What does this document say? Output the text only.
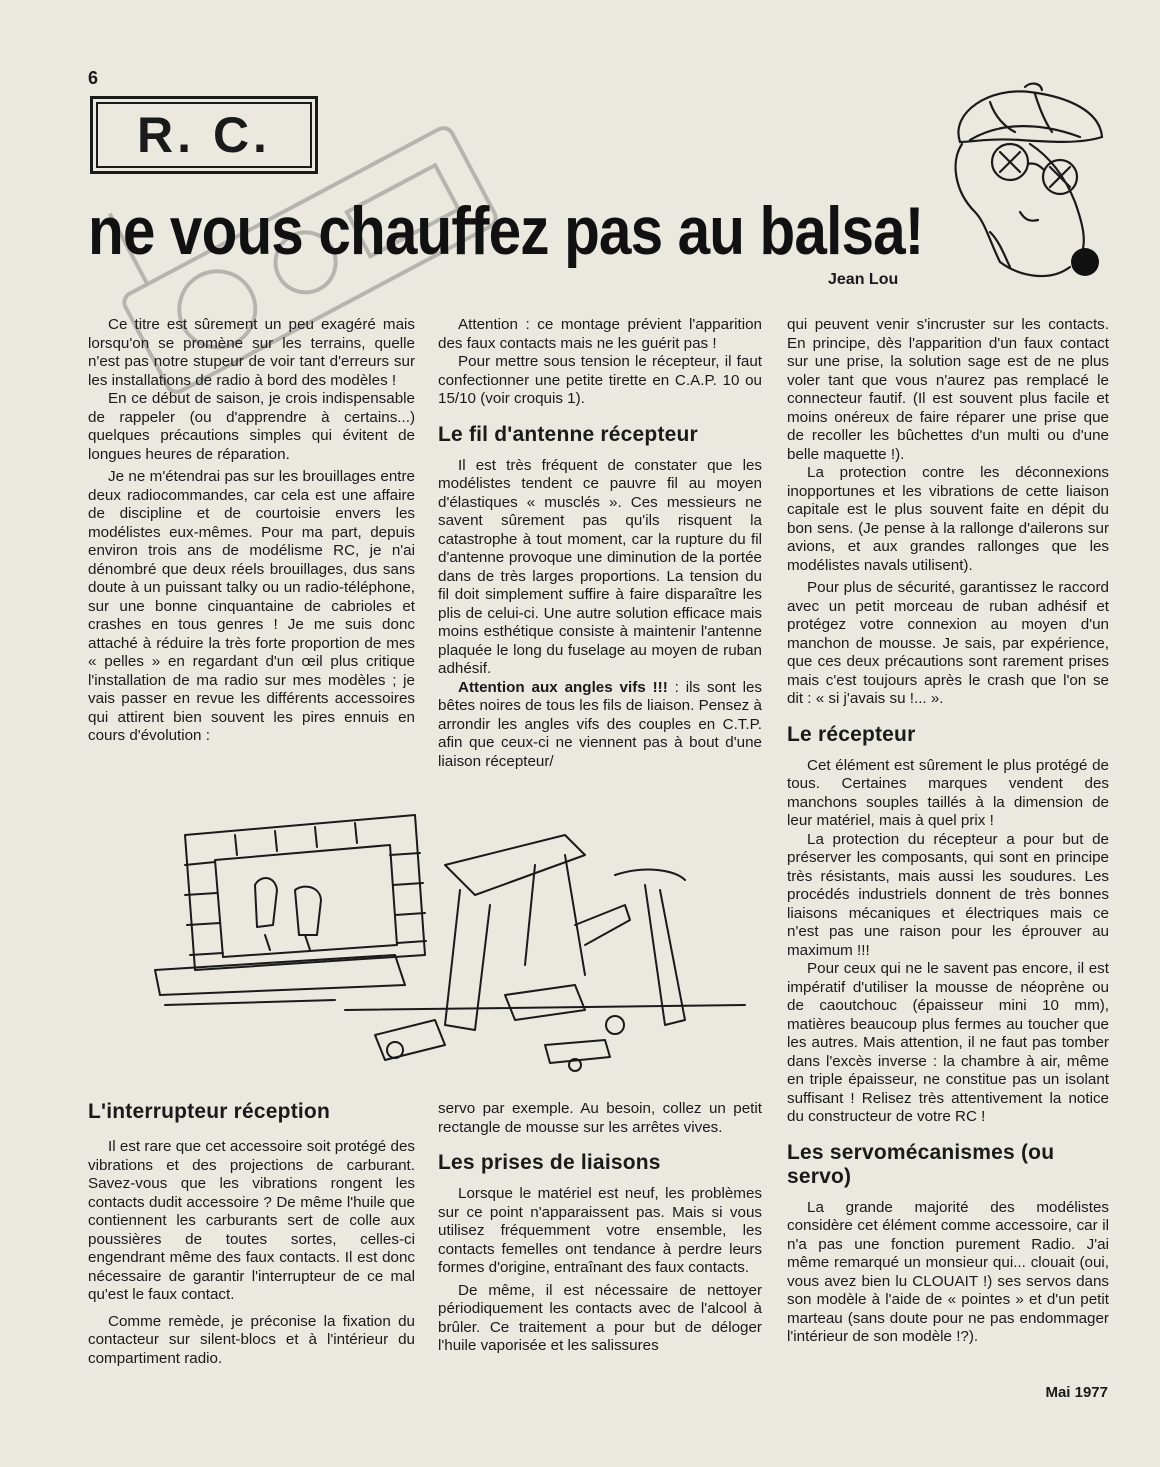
6
R. C.
ne vous chauffez pas au balsa!
Jean Lou

Ce titre est sûrement un peu exagéré mais lorsqu'on se promène sur les terrains, quelle n'est pas notre stupeur de voir tant d'erreurs sur les installations de radio à bord des modèles !

En ce début de saison, je crois indispensable de rappeler (ou d'apprendre à certains...) quelques précautions simples qui évitent de longues heures de réparation.

Je ne m'étendrai pas sur les brouillages entre deux radiocommandes, car cela est une affaire de discipline et de courtoisie envers les modélistes eux-mêmes. Pour ma part, depuis environ trois ans de modélisme RC, je n'ai dénombré que deux réels brouillages, dus sans doute à un puissant talky ou un radio-téléphone, sur une bonne cinquantaine de cabrioles et crashes en tous genres ! Je me suis donc attaché à réduire la très forte proportion de mes « pelles » en regardant d'un œil plus critique l'installation de ma radio sur mes modèles ; je vais passer en revue les différents accessoires qui attirent bien souvent les pires ennuis en cours d'évolution :

Attention : ce montage prévient l'apparition des faux contacts mais ne les guérit pas !

Pour mettre sous tension le récepteur, il faut confectionner une petite tirette en C.A.P. 10 ou 15/10 (voir croquis 1).

Le fil d'antenne récepteur

Il est très fréquent de constater que les modélistes tendent ce pauvre fil au moyen d'élastiques « musclés ». Ces messieurs ne savent sûrement pas qu'ils risquent la catastrophe à tout moment, car la rupture du fil d'antenne provoque une diminution de la portée dans de très larges proportions. La tension du fil doit simplement suffire à faire disparaître les plis de celui-ci. Une autre solution efficace mais moins esthétique consiste à maintenir l'antenne plaquée le long du fuselage au moyen de ruban adhésif.

Attention aux angles vifs !!! : ils sont les bêtes noires de tous les fils de liaison. Pensez à arrondir les angles vifs des couples en C.T.P. afin que ceux-ci ne viennent pas à bout d'une liaison récepteur/

qui peuvent venir s'incruster sur les contacts. En principe, dès l'apparition d'un faux contact sur une prise, la solution sage est de ne plus voler tant que vous n'aurez pas remplacé le connecteur fautif. (Il est souvent plus facile et moins onéreux de faire réparer une prise que de recoller les bûchettes d'un multi ou d'une belle maquette !).

La protection contre les déconnexions inopportunes et les vibrations de cette liaison capitale est le plus souvent faite en dépit du bon sens. (Je pense à la rallonge d'ailerons sur avions, et aux grandes rallonges que les modélistes navals utilisent).

Pour plus de sécurité, garantissez le raccord avec un petit morceau de ruban adhésif et protégez votre connexion au moyen d'un manchon de mousse. Je sais, par expérience, que ces deux précautions sont rarement prises mais c'est toujours après le crash que l'on se dit : « si j'avais su !... ».

Le récepteur

Cet élément est sûrement le plus protégé de tous. Certaines marques vendent des manchons souples taillés à la dimension de leur matériel, mais à quel prix !

La protection du récepteur a pour but de préserver les composants, qui sont en principe très résistants, mais aussi les soudures. Les procédés industriels donnent de très bonnes liaisons mécaniques et électriques mais ce n'est pas une raison pour les éprouver au maximum !!!

Pour ceux qui ne le savent pas encore, il est impératif d'utiliser la mousse de néoprène ou de caoutchouc (épaisseur mini 10 mm), matières beaucoup plus fermes au toucher que les autres. Mais attention, il ne faut pas tomber dans l'excès inverse : la chambre à air, même en triple épaisseur, ne constitue pas un isolant suffisant ! Relisez très attentivement la notice du constructeur de votre RC !

Les servomécanismes (ou servo)

La grande majorité des modélistes considère cet élément comme accessoire, car il n'a pas une fonction purement Radio. J'ai même remarqué un monsieur qui... clouait (oui, vous avez bien lu CLOUAIT !) ses servos dans son modèle à l'aide de « pointes » et d'un petit marteau (sans doute pour ne pas endommager l'intérieur de son modèle !?).

L'interrupteur réception

Il est rare que cet accessoire soit protégé des vibrations et des projections de carburant. Savez-vous que les vibrations rongent les contacts dudit accessoire ? De même l'huile que contiennent les carburants sert de colle aux poussières de toutes sortes, celles-ci engendrant même des faux contacts. Il est donc nécessaire de garantir l'interrupteur de ce mal qu'est le faux contact.

Comme remède, je préconise la fixation du contacteur sur silent-blocs et à l'intérieur du compartiment radio.

servo par exemple. Au besoin, collez un petit rectangle de mousse sur les arrêtes vives.

Les prises de liaisons

Lorsque le matériel est neuf, les problèmes sur ce point n'apparaissent pas. Mais si vous utilisez fréquemment votre ensemble, les contacts femelles ont tendance à perdre leurs formes d'origine, entraînant des faux contacts.

De même, il est nécessaire de nettoyer périodiquement les contacts avec de l'alcool à brûler. Ce traitement a pour but de déloger l'huile vaporisée et les salissures

Mai 1977
